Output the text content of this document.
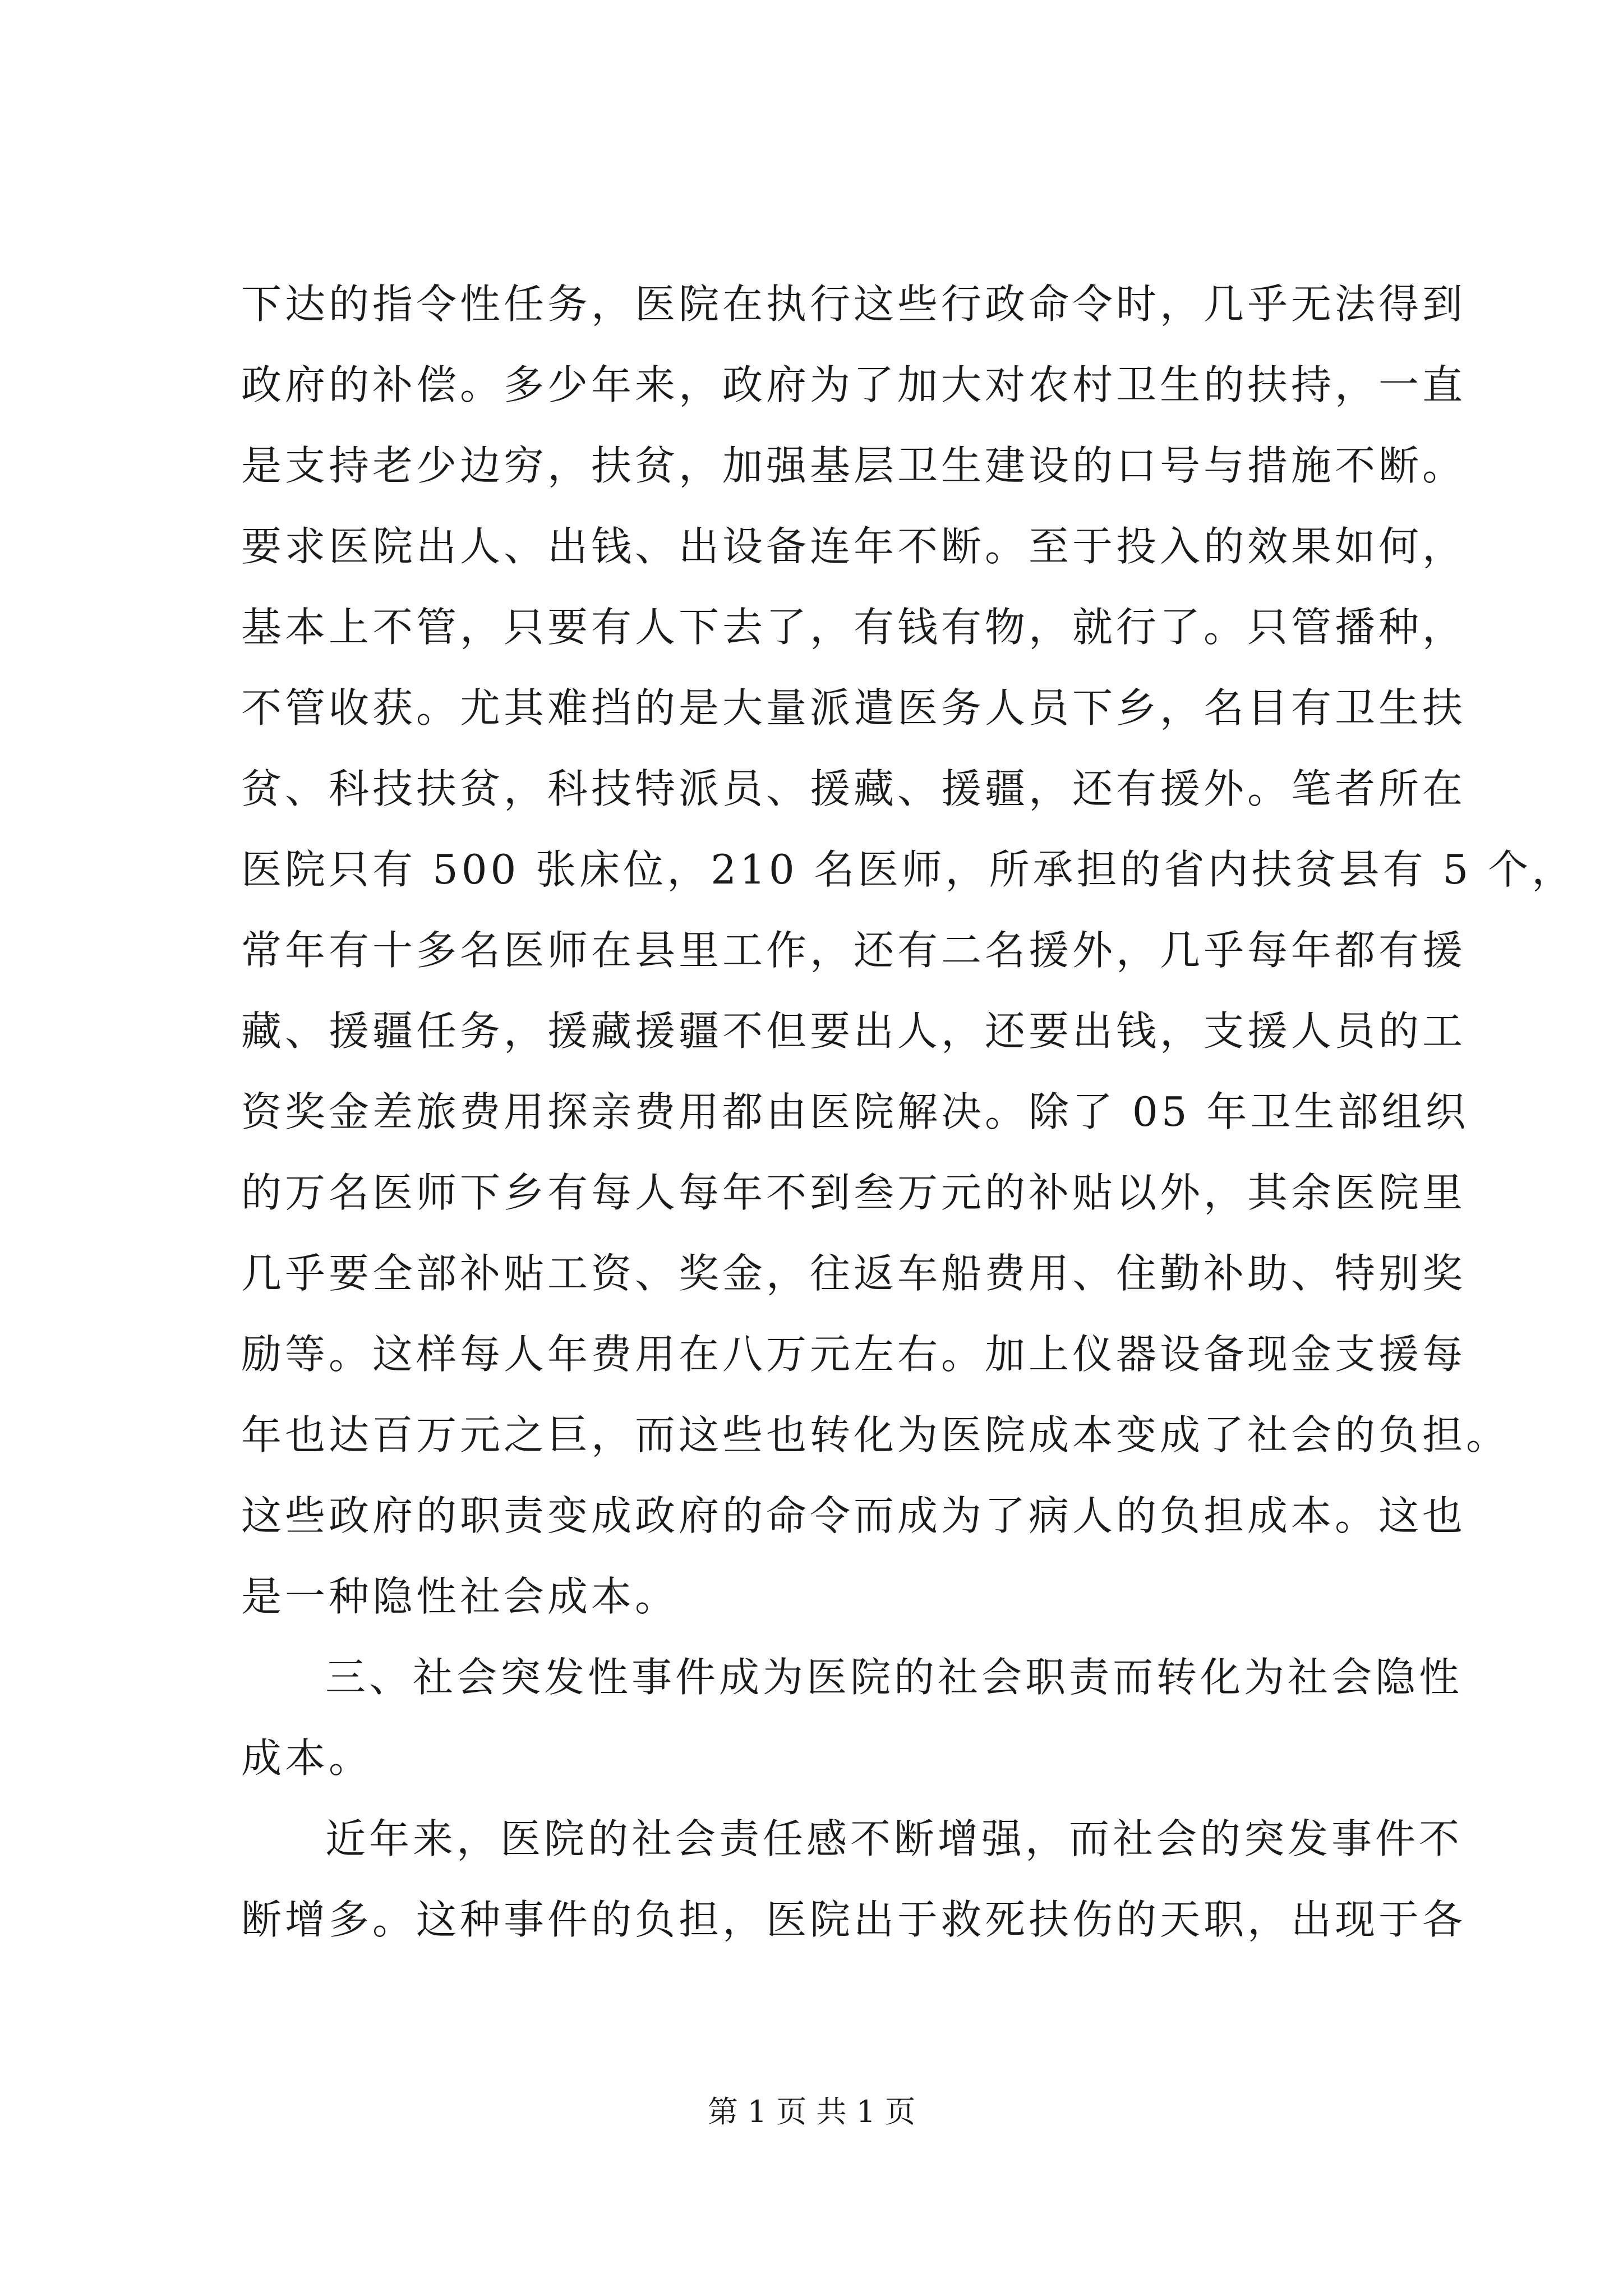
下达的指令性任务，医院在执行这些行政命令时，几乎无法得到
政府的补偿。多少年来，政府为了加大对农村卫生的扶持，一直
是支持老少边穷，扶贫，加强基层卫生建设的口号与措施不断。
要求医院出人、出钱、出设备连年不断。至于投入的效果如何，
基本上不管，只要有人下去了，有钱有物，就行了。只管播种，
不管收获。尤其难挡的是大量派遣医务人员下乡，名目有卫生扶
贫、科技扶贫，科技特派员、援藏、援疆，还有援外。笔者所在
医院只有 500 张床位，210 名医师，所承担的省内扶贫县有 5 个，
常年有十多名医师在县里工作，还有二名援外，几乎每年都有援
藏、援疆任务，援藏援疆不但要出人，还要出钱，支援人员的工
资奖金差旅费用探亲费用都由医院解决。除了 05 年卫生部组织
的万名医师下乡有每人每年不到叁万元的补贴以外，其余医院里
几乎要全部补贴工资、奖金，往返车船费用、住勤补助、特别奖
励等。这样每人年费用在八万元左右。加上仪器设备现金支援每
年也达百万元之巨，而这些也转化为医院成本变成了社会的负担。
这些政府的职责变成政府的命令而成为了病人的负担成本。这也
是一种隐性社会成本。
三、社会突发性事件成为医院的社会职责而转化为社会隐性
成本。
近年来，医院的社会责任感不断增强，而社会的突发事件不
断增多。这种事件的负担，医院出于救死扶伤的天职，出现于各
第 1 页 共 1 页
